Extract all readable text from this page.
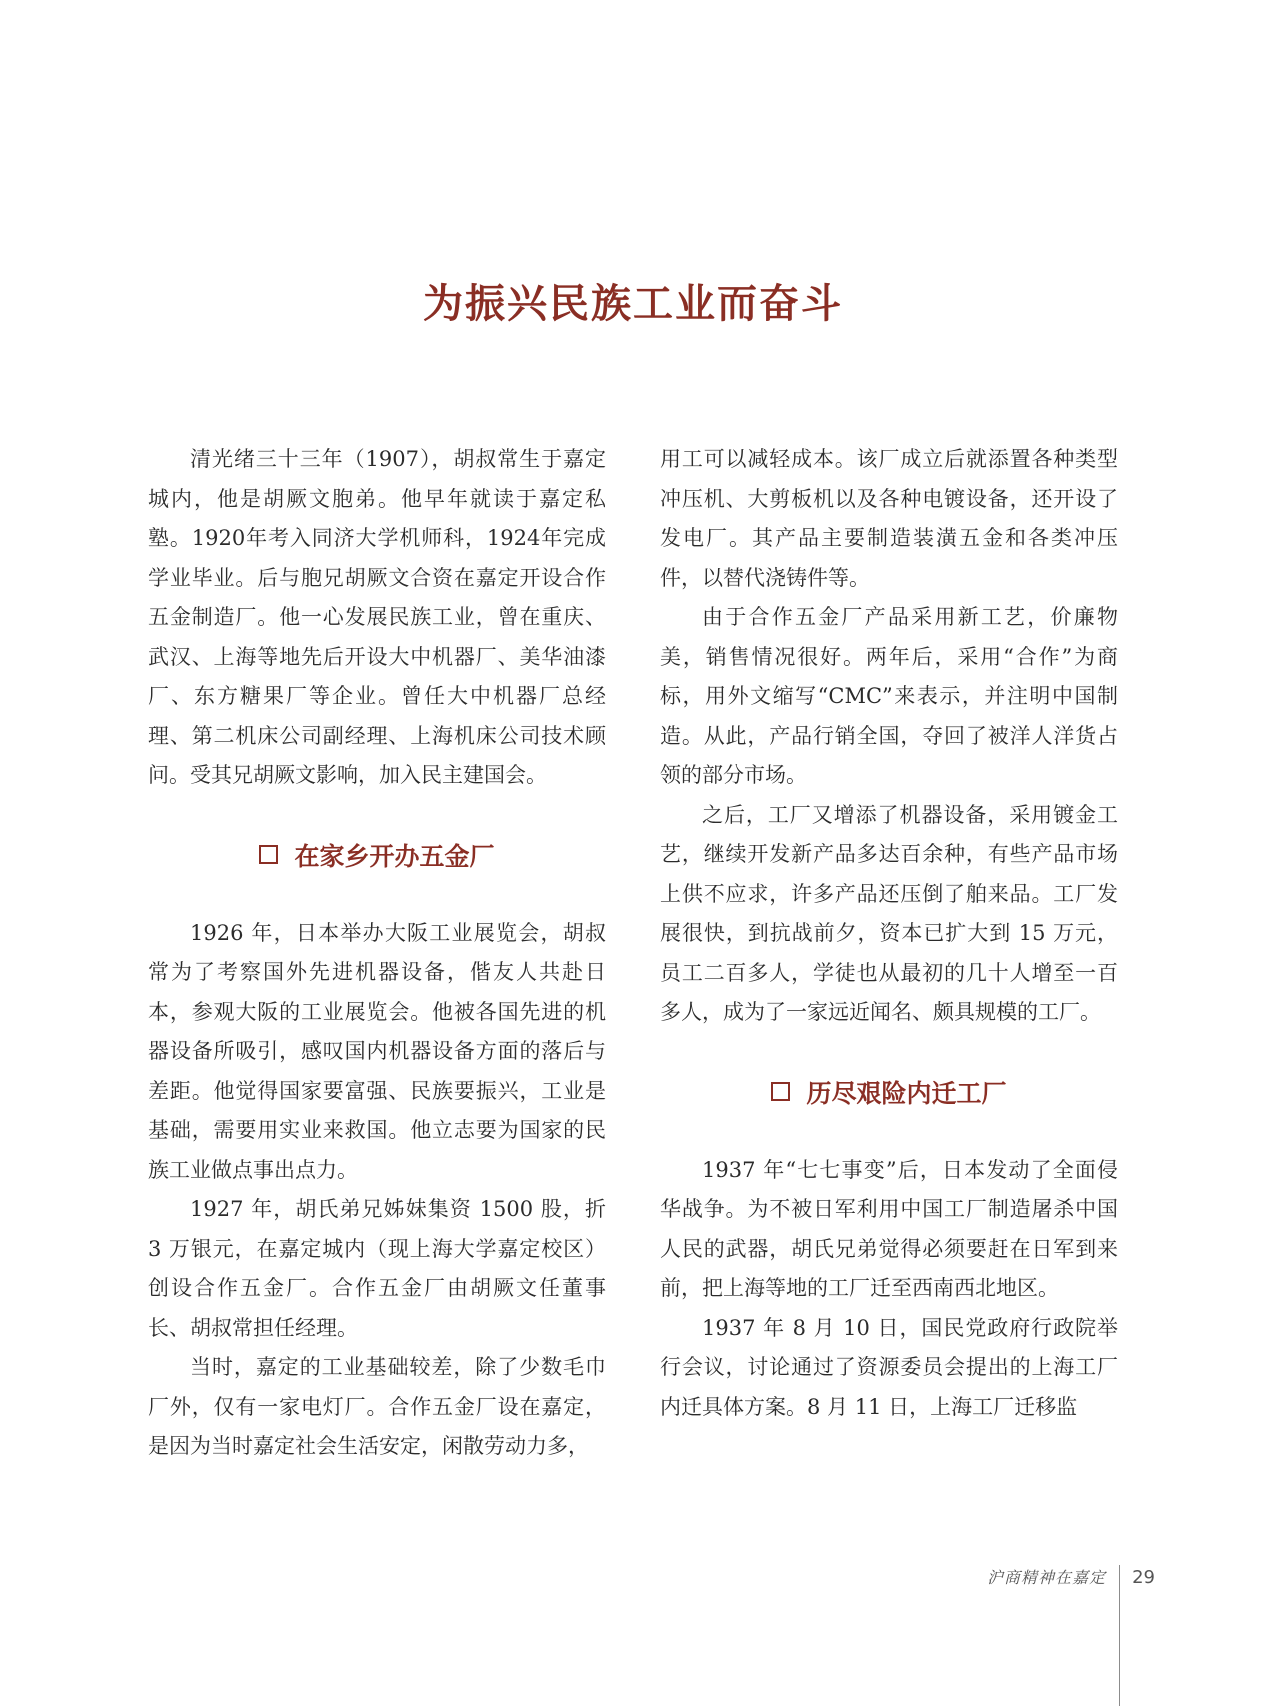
为振兴民族工业而奋斗

清光绪三十三年（1907），胡叔常生于嘉定城内，他是胡厥文胞弟。他早年就读于嘉定私塾。1920年考入同济大学机师科，1924年完成学业毕业。后与胞兄胡厥文合资在嘉定开设合作五金制造厂。他一心发展民族工业，曾在重庆、武汉、上海等地先后开设大中机器厂、美华油漆厂、东方糖果厂等企业。曾任大中机器厂总经理、第二机床公司副经理、上海机床公司技术顾问。受其兄胡厥文影响，加入民主建国会。

在家乡开办五金厂

1926 年，日本举办大阪工业展览会，胡叔常为了考察国外先进机器设备，偕友人共赴日本，参观大阪的工业展览会。他被各国先进的机器设备所吸引，感叹国内机器设备方面的落后与差距。他觉得国家要富强、民族要振兴，工业是基础，需要用实业来救国。他立志要为国家的民族工业做点事出点力。

1927 年，胡氏弟兄姊妹集资 1500 股，折 3 万银元，在嘉定城内（现上海大学嘉定校区）创设合作五金厂。合作五金厂由胡厥文任董事长、胡叔常担任经理。

当时，嘉定的工业基础较差，除了少数毛巾厂外，仅有一家电灯厂。合作五金厂设在嘉定，是因为当时嘉定社会生活安定，闲散劳动力多，

用工可以减轻成本。该厂成立后就添置各种类型冲压机、大剪板机以及各种电镀设备，还开设了发电厂。其产品主要制造装潢五金和各类冲压件，以替代浇铸件等。

由于合作五金厂产品采用新工艺，价廉物美，销售情况很好。两年后，采用“合作”为商标，用外文缩写“CMC”来表示，并注明中国制造。从此，产品行销全国，夺回了被洋人洋货占领的部分市场。

之后，工厂又增添了机器设备，采用镀金工艺，继续开发新产品多达百余种，有些产品市场上供不应求，许多产品还压倒了舶来品。工厂发展很快，到抗战前夕，资本已扩大到 15 万元，员工二百多人，学徒也从最初的几十人增至一百多人，成为了一家远近闻名、颇具规模的工厂。

历尽艰险内迁工厂

1937 年“七七事变”后，日本发动了全面侵华战争。为不被日军利用中国工厂制造屠杀中国人民的武器，胡氏兄弟觉得必须要赶在日军到来前，把上海等地的工厂迁至西南西北地区。

1937 年 8 月 10 日，国民党政府行政院举行会议，讨论通过了资源委员会提出的上海工厂内迁具体方案。8 月 11 日，上海工厂迁移监

沪商精神在嘉定 29
